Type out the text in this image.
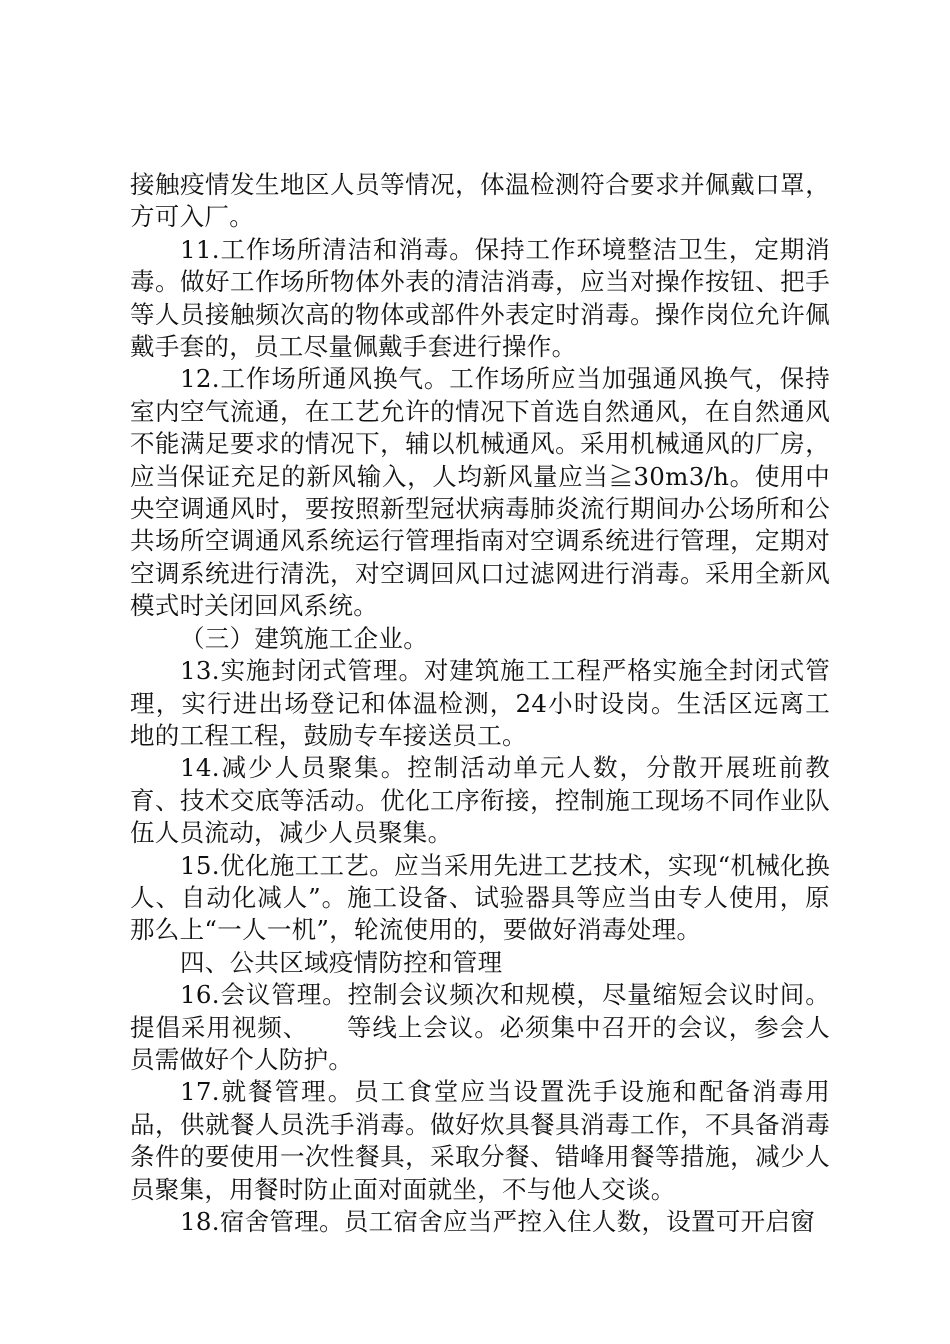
接触疫情发生地区人员等情况，体温检测符合要求并佩戴口罩，方可入厂。

11.工作场所清洁和消毒。保持工作环境整洁卫生，定期消毒。做好工作场所物体外表的清洁消毒，应当对操作按钮、把手等人员接触频次高的物体或部件外表定时消毒。操作岗位允许佩戴手套的，员工尽量佩戴手套进行操作。

12.工作场所通风换气。工作场所应当加强通风换气，保持室内空气流通，在工艺允许的情况下首选自然通风，在自然通风不能满足要求的情况下，辅以机械通风。采用机械通风的厂房，应当保证充足的新风输入，人均新风量应当≧30m3/h。使用中央空调通风时，要按照新型冠状病毒肺炎流行期间办公场所和公共场所空调通风系统运行管理指南对空调系统进行管理，定期对空调系统进行清洗，对空调回风口过滤网进行消毒。采用全新风模式时关闭回风系统。

（三）建筑施工企业。

13.实施封闭式管理。对建筑施工工程严格实施全封闭式管理，实行进出场登记和体温检测，24小时设岗。生活区远离工地的工程工程，鼓励专车接送员工。

14.减少人员聚集。控制活动单元人数，分散开展班前教育、技术交底等活动。优化工序衔接，控制施工现场不同作业队伍人员流动，减少人员聚集。

15.优化施工工艺。应当采用先进工艺技术，实现“机械化换人、自动化减人”。施工设备、试验器具等应当由专人使用，原那么上“一人一机”，轮流使用的，要做好消毒处理。

四、公共区域疫情防控和管理

16.会议管理。控制会议频次和规模，尽量缩短会议时间。提倡采用视频、　　等线上会议。必须集中召开的会议，参会人员需做好个人防护。

17.就餐管理。员工食堂应当设置洗手设施和配备消毒用品，供就餐人员洗手消毒。做好炊具餐具消毒工作，不具备消毒条件的要使用一次性餐具，采取分餐、错峰用餐等措施，减少人员聚集，用餐时防止面对面就坐，不与他人交谈。

18.宿舍管理。员工宿舍应当严控入住人数，设置可开启窗
